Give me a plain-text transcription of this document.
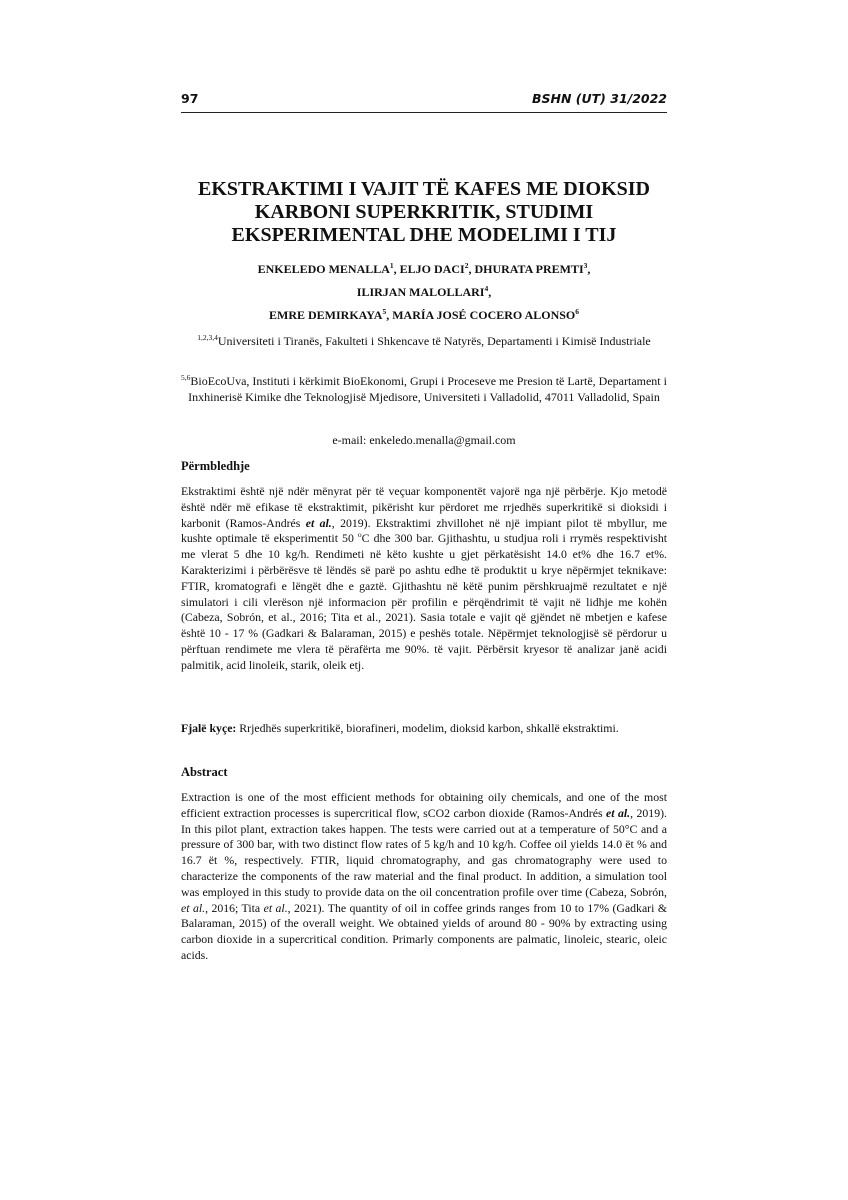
97	BSHN (UT) 31/2022
EKSTRAKTIMI I VAJIT TË KAFES ME DIOKSID
KARBONI SUPERKRITIK, STUDIMI
EKSPERIMENTAL DHE MODELIMI I TIJ
ENKELEDO MENALLA$^1$, ELJO DACI$^2$, DHURATA PREMTI$^3$,
ILIRJAN MALOLLARI$^4$,
EMRE DEMIRKAYA$^5$, MARÍA JOSÉ COCERO ALONSO$^6$

$^{1,2,3,4}$Universiteti i Tiranës, Fakulteti i Shkencave të Natyrës, Departamenti i Kimisë Industriale

$^{5,6}$BioEcoUva, Instituti i kërkimit BioEkonomi, Grupi i Proceseve me Presion të Lartë, Departament i Inxhinerisë Kimike dhe Teknologjisë Mjedisore, Universiteti i Valladolid, 47011 Valladolid, Spain

e-mail: enkeledo.menalla@gmail.com
Përmbledhje

Ekstraktimi është një ndër mënyrat për të veçuar komponentët vajorë nga një përbërje. Kjo metodë është ndër më efikase të ekstraktimit, pikërisht kur përdoret me rrjedhës superkritikë si dioksidi i karbonit (Ramos-Andrés et al., 2019). Ekstraktimi zhvillohet në një impiant pilot të mbyllur, me kushte optimale të eksperimentit 50 $^o$C dhe 300 bar. Gjithashtu, u studjua roli i rrymës respektivisht me vlerat 5 dhe 10 kg/h. Rendimeti në këto kushte u gjet përkatësisht 14.0 et% dhe 16.7 et%. Karakterizimi i përbërësve të lëndës së parë po ashtu edhe të produktit u kryе nëpërmjet teknikave: FTIR, kromatografi e lëngët dhe e gaztë. Gjithashtu në këtë punim përshkruajmë rezultatet e një simulatori i cili vlerëson një informacion për profilin e përqëndrimit të vajit në lidhje me kohën (Cabeza, Sobrón, et al., 2016; Tita et al., 2021). Sasia totale e vajit që gjëndet në mbetjen e kafese është 10 - 17 % (Gadkari & Balaraman, 2015) e peshës totale. Nëpërmjet teknologjisë së përdorur u përftuan rendimete me vlera të përafërta me 90%. të vajit. Përbërsit kryesor të analizar janë acidi palmitik, acid linoleik, starik, oleik etj.

Fjalë kyçe: Rrjedhës superkritikë, biorafineri, modelim, dioksid karbon, shkallë ekstraktimi.

Abstract

Extraction is one of the most efficient methods for obtaining oily chemicals, and one of the most efficient extraction processes is supercritical flow, sCO2 carbon dioxide (Ramos-Andrés et al., 2019). In this pilot plant, extraction takes happen. The tests were carried out at a temperature of 50°C and a pressure of 300 bar, with two distinct flow rates of 5 kg/h and 10 kg/h. Coffee oil yields 14.0 ët % and 16.7 ët %, respectively. FTIR, liquid chromatography, and gas chromatography were used to characterize the components of the raw material and the final product. In addition, a simulation tool was employed in this study to provide data on the oil concentration profile over time (Cabeza, Sobrón, et al., 2016; Tita et al., 2021). The quantity of oil in coffee grinds ranges from 10 to 17% (Gadkari & Balaraman, 2015) of the overall weight. We obtained yields of around 80 - 90% by extracting using carbon dioxide in a supercritical condition. Primarly components are palmatic, linoleic, stearic, oleic acids.
